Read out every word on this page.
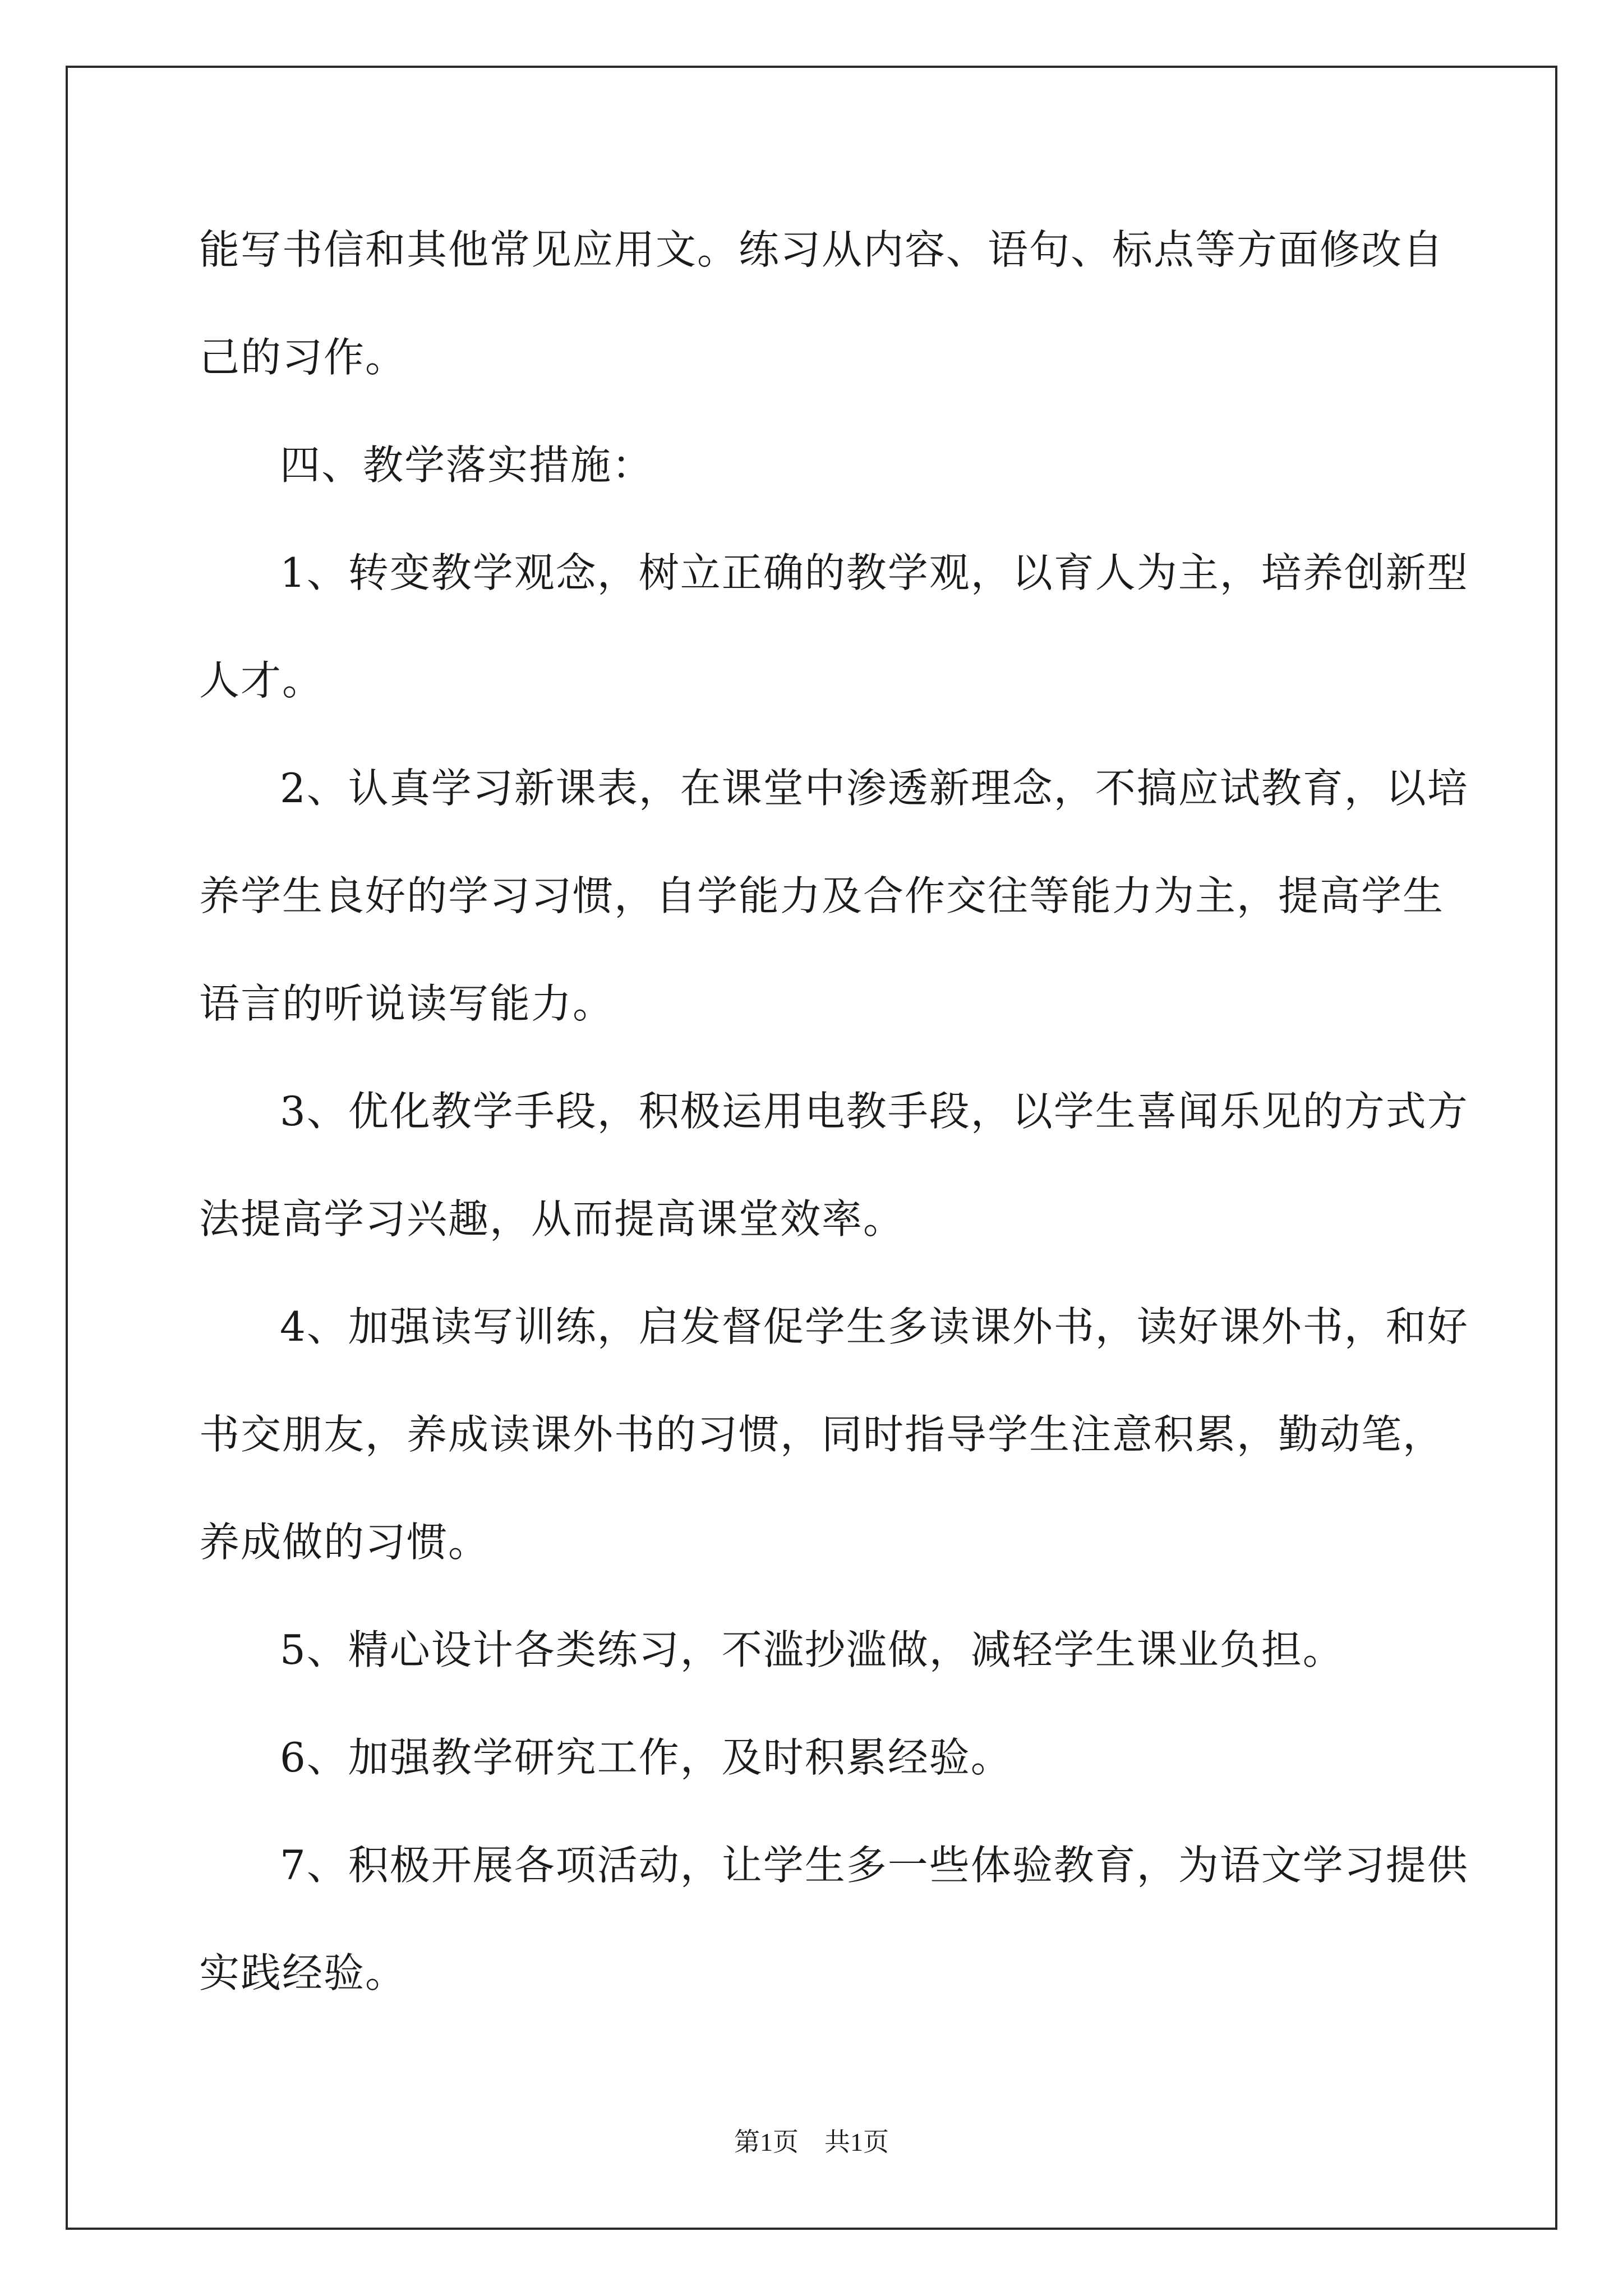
能写书信和其他常见应用文。练习从内容、语句、标点等方面修改自
己的习作。
四、教学落实措施：
1、转变教学观念，树立正确的教学观，以育人为主，培养创新型
人才。
2、认真学习新课表，在课堂中渗透新理念，不搞应试教育，以培
养学生良好的学习习惯，自学能力及合作交往等能力为主，提高学生
语言的听说读写能力。
3、优化教学手段，积极运用电教手段，以学生喜闻乐见的方式方
法提高学习兴趣，从而提高课堂效率。
4、加强读写训练，启发督促学生多读课外书，读好课外书，和好
书交朋友，养成读课外书的习惯，同时指导学生注意积累，勤动笔，
养成做的习惯。
5、精心设计各类练习，不滥抄滥做，减轻学生课业负担。
6、加强教学研究工作，及时积累经验。
7、积极开展各项活动，让学生多一些体验教育，为语文学习提供
实践经验。
第1页　共1页
